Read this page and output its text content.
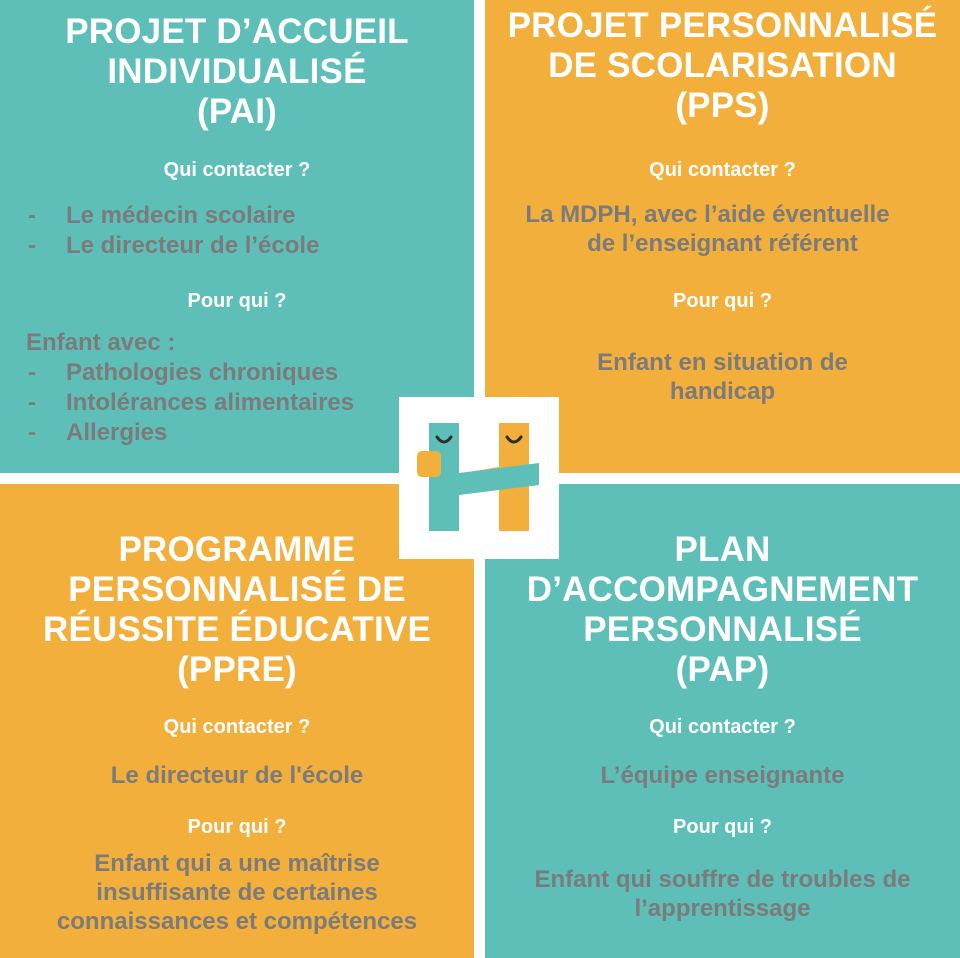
PROJET D’ACCUEIL
INDIVIDUALISÉ
(PAI)
Qui contacter ?
- Le médecin scolaire
- Le directeur de l’école
Pour qui ?
Enfant avec :
- Pathologies chroniques
- Intolérances alimentaires
- Allergies
PROJET PERSONNALISÉ
DE SCOLARISATION
(PPS)
Qui contacter ?
La MDPH, avec l’aide éventuelle
de l’enseignant référent
Pour qui ?
Enfant en situation de
handicap
PROGRAMME
PERSONNALISÉ DE
RÉUSSITE ÉDUCATIVE
(PPRE)
Qui contacter ?
Le directeur de l'école
Pour qui ?
Enfant qui a une maîtrise
insuffisante de certaines
connaissances et compétences
PLAN
D’ACCOMPAGNEMENT
PERSONNALISÉ
(PAP)
Qui contacter ?
L’équipe enseignante
Pour qui ?
Enfant qui souffre de troubles de
l’apprentissage
